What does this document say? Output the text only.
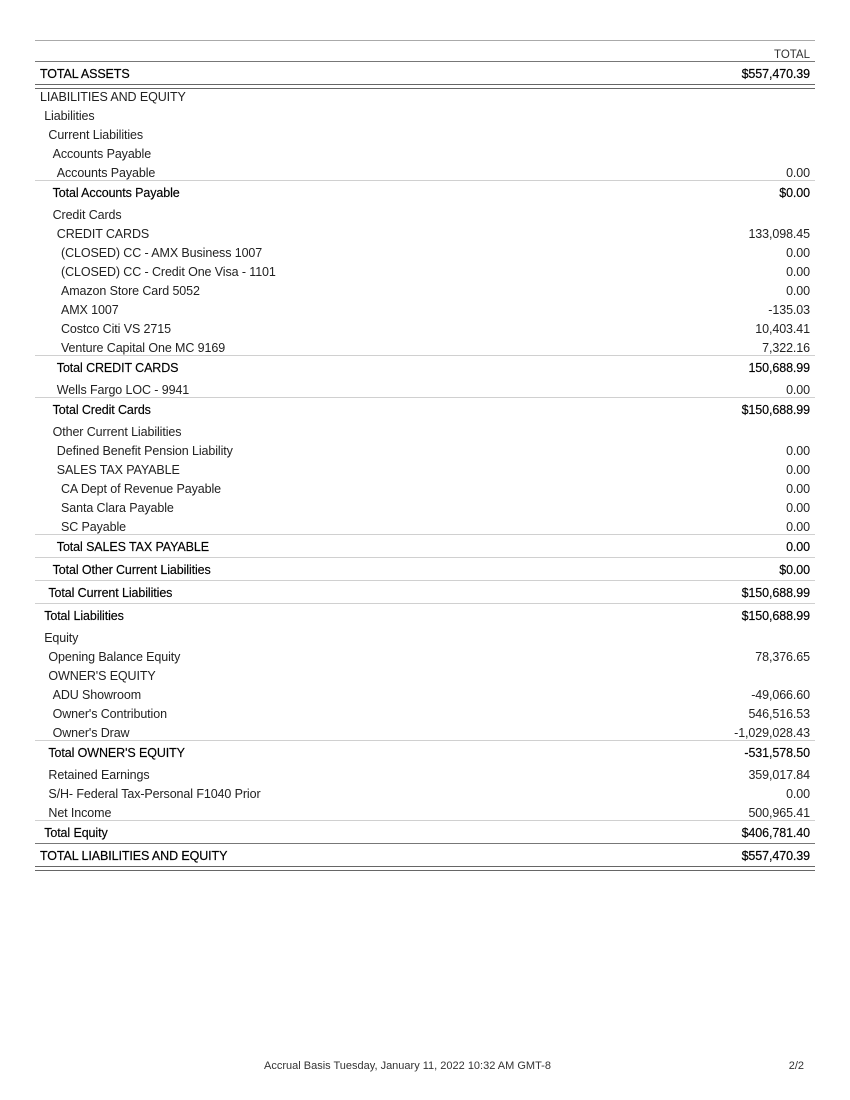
TOTAL
TOTAL ASSETS	$557,470.39
LIABILITIES AND EQUITY
Liabilities
Current Liabilities
Accounts Payable
Accounts Payable	0.00
Total Accounts Payable	$0.00
Credit Cards
CREDIT CARDS	133,098.45
(CLOSED) CC - AMX Business 1007	0.00
(CLOSED) CC - Credit One Visa - 1101	0.00
Amazon Store Card 5052	0.00
AMX 1007	-135.03
Costco Citi VS 2715	10,403.41
Venture Capital One MC 9169	7,322.16
Total CREDIT CARDS	150,688.99
Wells Fargo LOC - 9941	0.00
Total Credit Cards	$150,688.99
Other Current Liabilities
Defined Benefit Pension Liability	0.00
SALES TAX PAYABLE	0.00
CA Dept of Revenue Payable	0.00
Santa Clara Payable	0.00
SC Payable	0.00
Total SALES TAX PAYABLE	0.00
Total Other Current Liabilities	$0.00
Total Current Liabilities	$150,688.99
Total Liabilities	$150,688.99
Equity
Opening Balance Equity	78,376.65
OWNER'S EQUITY
ADU Showroom	-49,066.60
Owner's Contribution	546,516.53
Owner's Draw	-1,029,028.43
Total OWNER'S EQUITY	-531,578.50
Retained Earnings	359,017.84
S/H- Federal Tax-Personal F1040 Prior	0.00
Net Income	500,965.41
Total Equity	$406,781.40
TOTAL LIABILITIES AND EQUITY	$557,470.39
Accrual Basis Tuesday, January 11, 2022 10:32 AM GMT-8	2/2
